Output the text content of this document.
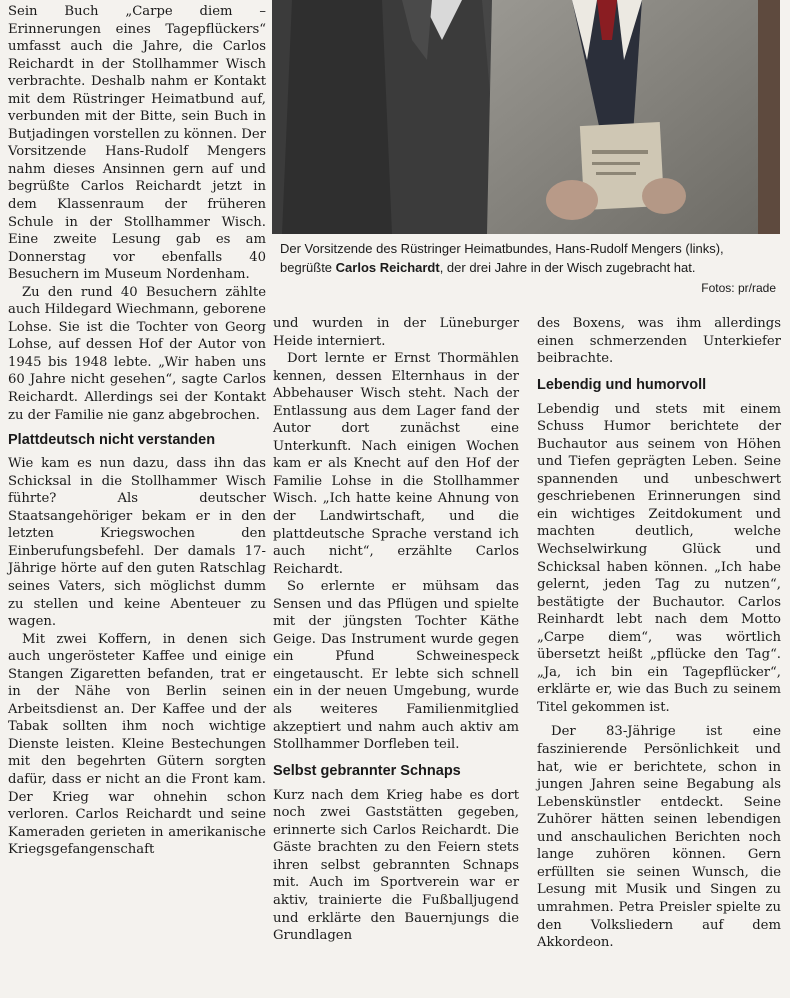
Sein Buch „Carpe diem – Erinnerungen eines Tagepflückers“ umfasst auch die Jahre, die Carlos Reichardt in der Stollhammer Wisch verbrachte. Deshalb nahm er Kontakt mit dem Rüstringer Heimatbund auf, verbunden mit der Bitte, sein Buch in Butjadingen vorstellen zu können. Der Vorsitzende Hans-Rudolf Mengers nahm dieses Ansinnen gern auf und begrüßte Carlos Reichardt jetzt in dem Klassenraum der früheren Schule in der Stollhammer Wisch. Eine zweite Lesung gab es am Donnerstag vor ebenfalls 40 Besuchern im Museum Nordenham.

Zu den rund 40 Besuchern zählte auch Hildegard Wiechmann, geborene Lohse. Sie ist die Tochter von Georg Lohse, auf dessen Hof der Autor von 1945 bis 1948 lebte. „Wir haben uns 60 Jahre nicht gesehen“, sagte Carlos Reichardt. Allerdings sei der Kontakt zu der Familie nie ganz abgebrochen.

Plattdeutsch nicht verstanden

Wie kam es nun dazu, dass ihn das Schicksal in die Stollhammer Wisch führte? Als deutscher Staatsangehöriger bekam er in den letzten Kriegswochen den Einberufungsbefehl. Der damals 17-Jährige hörte auf den guten Ratschlag seines Vaters, sich möglichst dumm zu stellen und keine Abenteuer zu wagen.

Mit zwei Koffern, in denen sich auch ungerösteter Kaffee und einige Stangen Zigaretten befanden, trat er in der Nähe von Berlin seinen Arbeitsdienst an. Der Kaffee und der Tabak sollten ihm noch wichtige Dienste leisten. Kleine Bestechungen mit den begehrten Gütern sorgten dafür, dass er nicht an die Front kam. Der Krieg war ohnehin schon verloren. Carlos Reichardt und seine Kameraden gerieten in amerikanische Kriegsgefangenschaft

Der Vorsitzende des Rüstringer Heimatbundes, Hans-Rudolf Mengers (links), begrüßte Carlos Reichardt, der drei Jahre in der Wisch zugebracht hat.
Fotos: pr/rade

und wurden in der Lüneburger Heide interniert.

Dort lernte er Ernst Thormählen kennen, dessen Elternhaus in der Abbehauser Wisch steht. Nach der Entlassung aus dem Lager fand der Autor dort zunächst eine Unterkunft. Nach einigen Wochen kam er als Knecht auf den Hof der Familie Lohse in die Stollhammer Wisch. „Ich hatte keine Ahnung von der Landwirtschaft, und die plattdeutsche Sprache verstand ich auch nicht“, erzählte Carlos Reichardt.

So erlernte er mühsam das Sensen und das Pflügen und spielte mit der jüngsten Tochter Käthe Geige. Das Instrument wurde gegen ein Pfund Schweinespeck eingetauscht. Er lebte sich schnell ein in der neuen Umgebung, wurde als weiteres Familienmitglied akzeptiert und nahm auch aktiv am Stollhammer Dorfleben teil.

Selbst gebrannter Schnaps

Kurz nach dem Krieg habe es dort noch zwei Gaststätten gegeben, erinnerte sich Carlos Reichardt. Die Gäste brachten zu den Feiern stets ihren selbst gebrannten Schnaps mit. Auch im Sportverein war er aktiv, trainierte die Fußballjugend und erklärte den Bauernjungs die Grundlagen

des Boxens, was ihm allerdings einen schmerzenden Unterkiefer beibrachte.

Lebendig und humorvoll

Lebendig und stets mit einem Schuss Humor berichtete der Buchautor aus seinem von Höhen und Tiefen geprägten Leben. Seine spannenden und unbeschwert geschriebenen Erinnerungen sind ein wichtiges Zeitdokument und machten deutlich, welche Wechselwirkung Glück und Schicksal haben können. „Ich habe gelernt, jeden Tag zu nutzen“, bestätigte der Buchautor. Carlos Reinhardt lebt nach dem Motto „Carpe diem“, was wörtlich übersetzt heißt „pflücke den Tag“. „Ja, ich bin ein Tagepflücker“, erklärte er, wie das Buch zu seinem Titel gekommen ist.

Der 83-Jährige ist eine faszinierende Persönlichkeit und hat, wie er berichtete, schon in jungen Jahren seine Begabung als Lebenskünstler entdeckt. Seine Zuhörer hätten seinen lebendigen und anschaulichen Berichten noch lange zuhören können. Gern erfüllten sie seinen Wunsch, die Lesung mit Musik und Singen zu umrahmen. Petra Preisler spielte zu den Volksliedern auf dem Akkordeon.
